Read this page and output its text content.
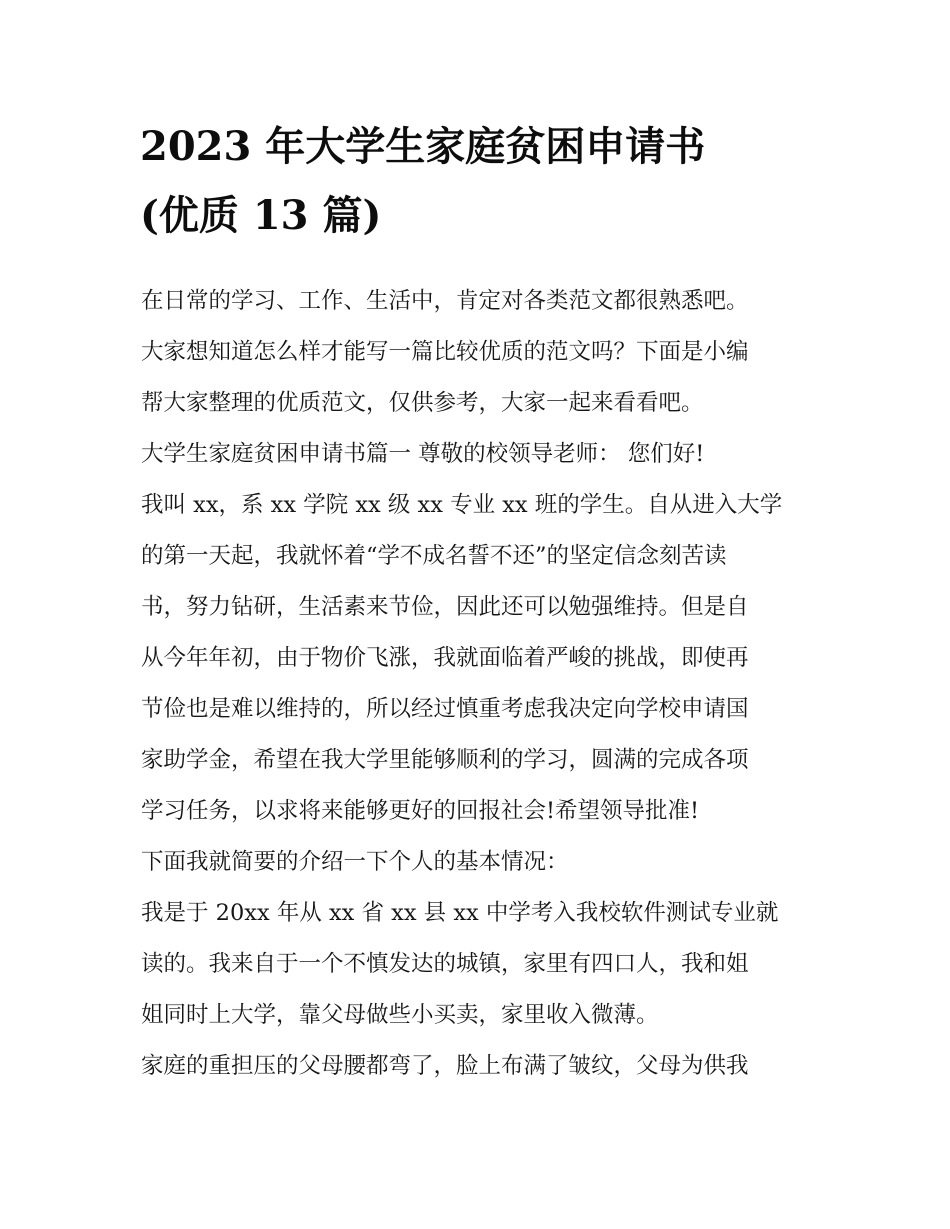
2023 年大学生家庭贫困申请书
(优质 13 篇)
在日常的学习、工作、生活中，肯定对各类范文都很熟悉吧。
大家想知道怎么样才能写一篇比较优质的范文吗？下面是小编
帮大家整理的优质范文，仅供参考，大家一起来看看吧。
大学生家庭贫困申请书篇一 尊敬的校领导老师： 您们好!
我叫 xx，系 xx 学院 xx 级 xx 专业 xx 班的学生。自从进入大学
的第一天起，我就怀着“学不成名誓不还”的坚定信念刻苦读
书，努力钻研，生活素来节俭，因此还可以勉强维持。但是自
从今年年初，由于物价飞涨，我就面临着严峻的挑战，即使再
节俭也是难以维持的，所以经过慎重考虑我决定向学校申请国
家助学金，希望在我大学里能够顺利的学习，圆满的完成各项
学习任务，以求将来能够更好的回报社会!希望领导批准!
下面我就简要的介绍一下个人的基本情况：
我是于 20xx 年从 xx 省 xx 县 xx 中学考入我校软件测试专业就
读的。我来自于一个不慎发达的城镇，家里有四口人，我和姐
姐同时上大学，靠父母做些小买卖，家里收入微薄。
家庭的重担压的父母腰都弯了，脸上布满了皱纹，父母为供我
